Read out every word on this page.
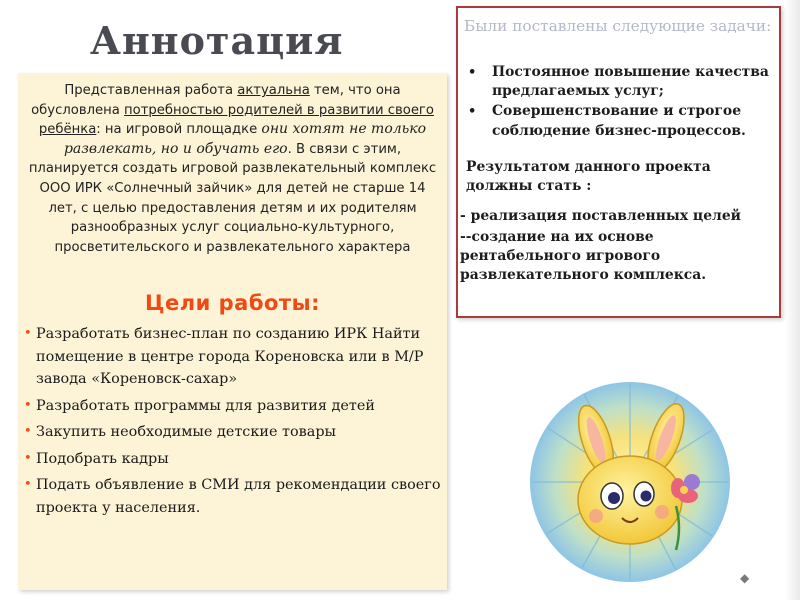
Аннотация
Представленная работа актуальна тем, что она обусловлена потребностью родителей в развитии своего ребёнка: на игровой площадке они хотят не только развлекать, но и обучать его. В связи с этим, планируется создать игровой развлекательный комплекс ООО ИРК «Солнечный зайчик» для детей не старше 14 лет, с целью предоставления детям и их родителям разнообразных услуг социально-культурного, просветительского и развлекательного характера
Цели работы:
• Разработать бизнес-план по созданию ИРК Найти помещение в центре города Кореновска или в М/Р завода «Кореновск-сахар»
• Разработать программы для развития детей
• Закупить необходимые детские товары
• Подобрать кадры
• Подать объявление в СМИ для рекомендации своего проекта у населения.
Были поставлены следующие задачи:
• Постоянное повышение качества предлагаемых услуг;
• Совершенствование и строгое соблюдение бизнес-процессов.
Результатом данного проекта должны стать :
- реализация поставленных целей
--создание на их основе рентабельного игрового развлекательного комплекса.
◆
